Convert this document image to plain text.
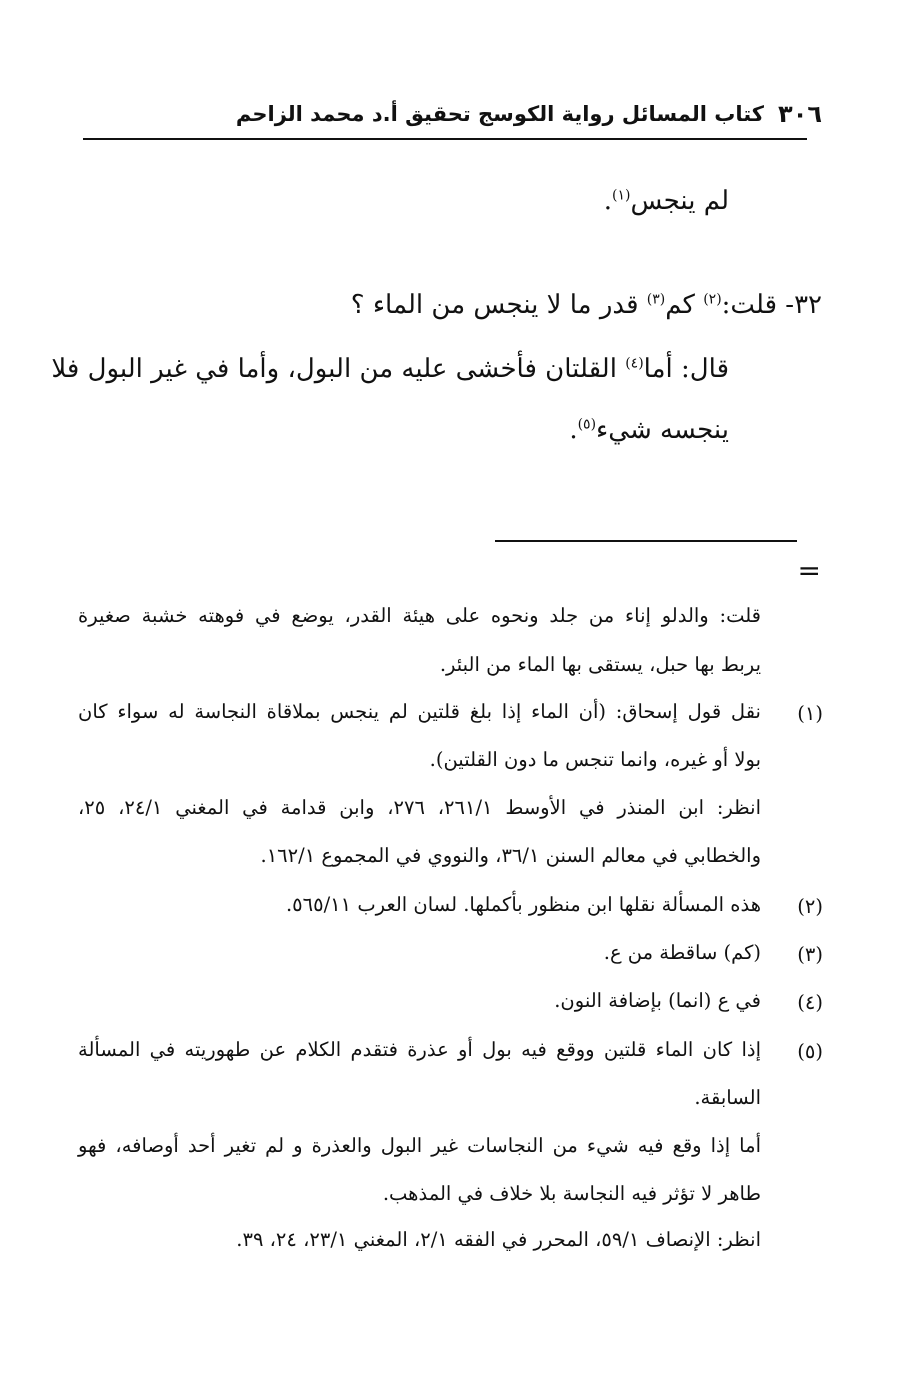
٣٠٦
كتاب المسائل رواية الكوسج تحقيق أ.د محمد الزاحم
لم ينجس$^{(١)}$.
٣٢- قلت:$^{(٢)}$ كم$^{(٣)}$ قدر ما لا ينجس من الماء ؟
قال: أما$^{(٤)}$ القلتان فأخشى عليه من البول، وأما في غير البول فلا
ينجسه شيء$^{(٥)}$.
=
قلت: والدلو إناء من جلد ونحوه على هيئة القدر، يوضع في فوهته خشبة صغيرة
يربط بها حبل، يستقى بها الماء من البئر.
(١)
نقل قول إسحاق: (أن الماء إذا بلغ قلتين لم ينجس بملاقاة النجاسة له سواء كان
بولا أو غيره، وانما تنجس ما دون القلتين).
انظر: ابن المنذر في الأوسط ٢٦١/١، ٢٧٦، وابن قدامة في المغني ٢٤/١، ٢٥،
والخطابي في معالم السنن ٣٦/١، والنووي في المجموع ١٦٢/١.
(٢)
هذه المسألة نقلها ابن منظور بأكملها. لسان العرب ٥٦٥/١١.
(٣)
(كم) ساقطة من ع.
(٤)
في ع (انما) بإضافة النون.
(٥)
إذا كان الماء قلتين ووقع فيه بول أو عذرة فتقدم الكلام عن طهوريته في المسألة
السابقة.
أما إذا وقع فيه شيء من النجاسات غير البول والعذرة و لم تغير أحد أوصافه، فهو
طاهر لا تؤثر فيه النجاسة بلا خلاف في المذهب.
انظر: الإنصاف ٥٩/١، المحرر في الفقه ٢/١، المغني ٢٣/١، ٢٤، ٣٩.
